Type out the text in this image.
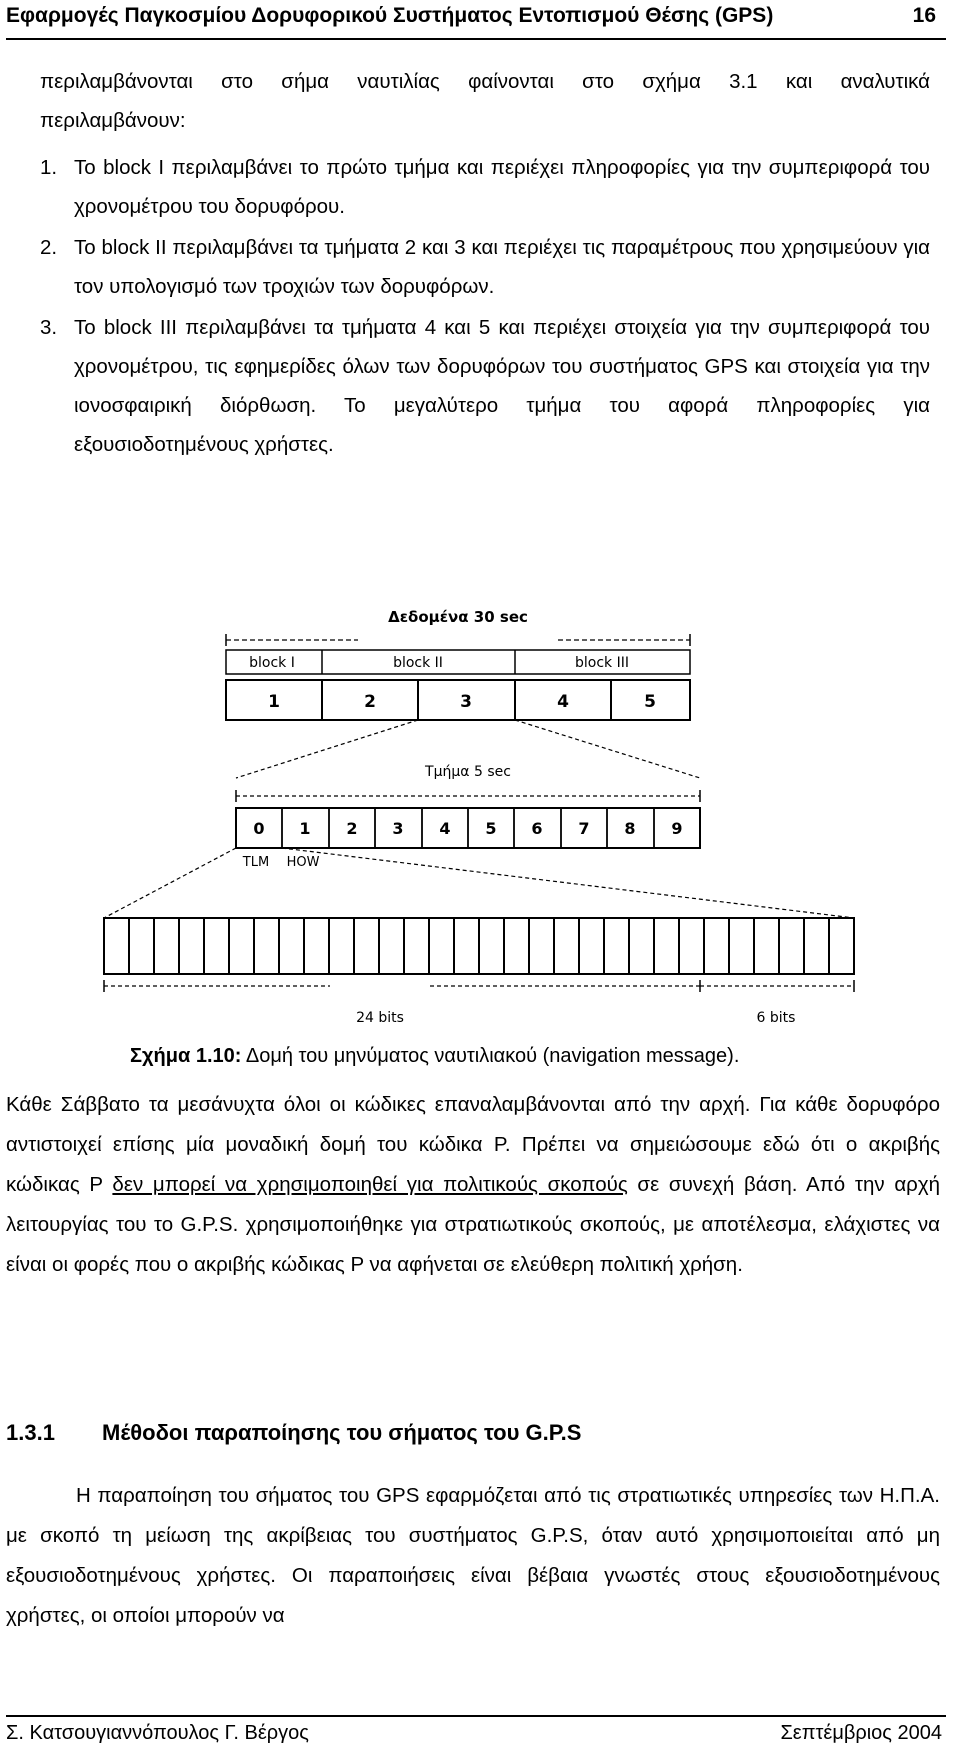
Εφαρμογές Παγκοσμίου Δορυφορικού Συστήματος Εντοπισμού Θέσης (GPS)	16
περιλαμβάνονται στο σήμα ναυτιλίας φαίνονται στο σχήμα 3.1 και αναλυτικά
περιλαμβάνουν:
1. Το block I περιλαμβάνει το πρώτο τμήμα και περιέχει πληροφορίες για την συμπεριφορά του χρονομέτρου του δορυφόρου.
2. Το block II περιλαμβάνει τα τμήματα 2 και 3 και περιέχει τις παραμέτρους που χρησιμεύουν για τον υπολογισμό των τροχιών των δορυφόρων.
3. Το block III περιλαμβάνει τα τμήματα 4 και 5 και περιέχει στοιχεία για την συμπεριφορά του χρονομέτρου, τις εφημερίδες όλων των δορυφόρων του συστήματος GPS και στοιχεία για την ιονοσφαιρική διόρθωση. Το μεγαλύτερο τμήμα του αφορά πληροφορίες για εξουσιοδοτημένους χρήστες.
Δεδομένα 30 sec
block I	block II	block III
1	2	3	4	5
Τμήμα 5 sec
0 1 2 3 4 5 6 7 8 9
TLM HOW
24 bits	6 bits
Σχήμα 1.10: Δομή του μηνύματος ναυτιλιακού (navigation message).

Κάθε Σάββατο τα μεσάνυχτα όλοι οι κώδικες επαναλαμβάνονται από την αρχή. Για κάθε δορυφόρο αντιστοιχεί επίσης μία μοναδική δομή του κώδικα P. Πρέπει να σημειώσουμε εδώ ότι ο ακριβής κώδικας P δεν μπορεί να χρησιμοποιηθεί για πολιτικούς σκοπούς σε συνεχή βάση. Από την αρχή λειτουργίας του το G.P.S. χρησιμοποιήθηκε για στρατιωτικούς σκοπούς, με αποτέλεσμα, ελάχιστες να είναι οι φορές που ο ακριβής κώδικας P να αφήνεται σε ελεύθερη πολιτική χρήση.

1.3.1 Μέθοδοι παραποίησης του σήματος του G.P.S

Η παραποίηση του σήματος του GPS εφαρμόζεται από τις στρατιωτικές υπηρεσίες των Η.Π.Α. με σκοπό τη μείωση της ακρίβειας του συστήματος G.P.S, όταν αυτό χρησιμοποιείται από μη εξουσιοδοτημένους χρήστες. Οι παραποιήσεις είναι βέβαια γνωστές στους εξουσιοδοτημένους χρήστες, οι οποίοι μπορούν να

Σ. Κατσουγιαννόπουλος Γ. Βέργος	Σεπτέμβριος 2004
